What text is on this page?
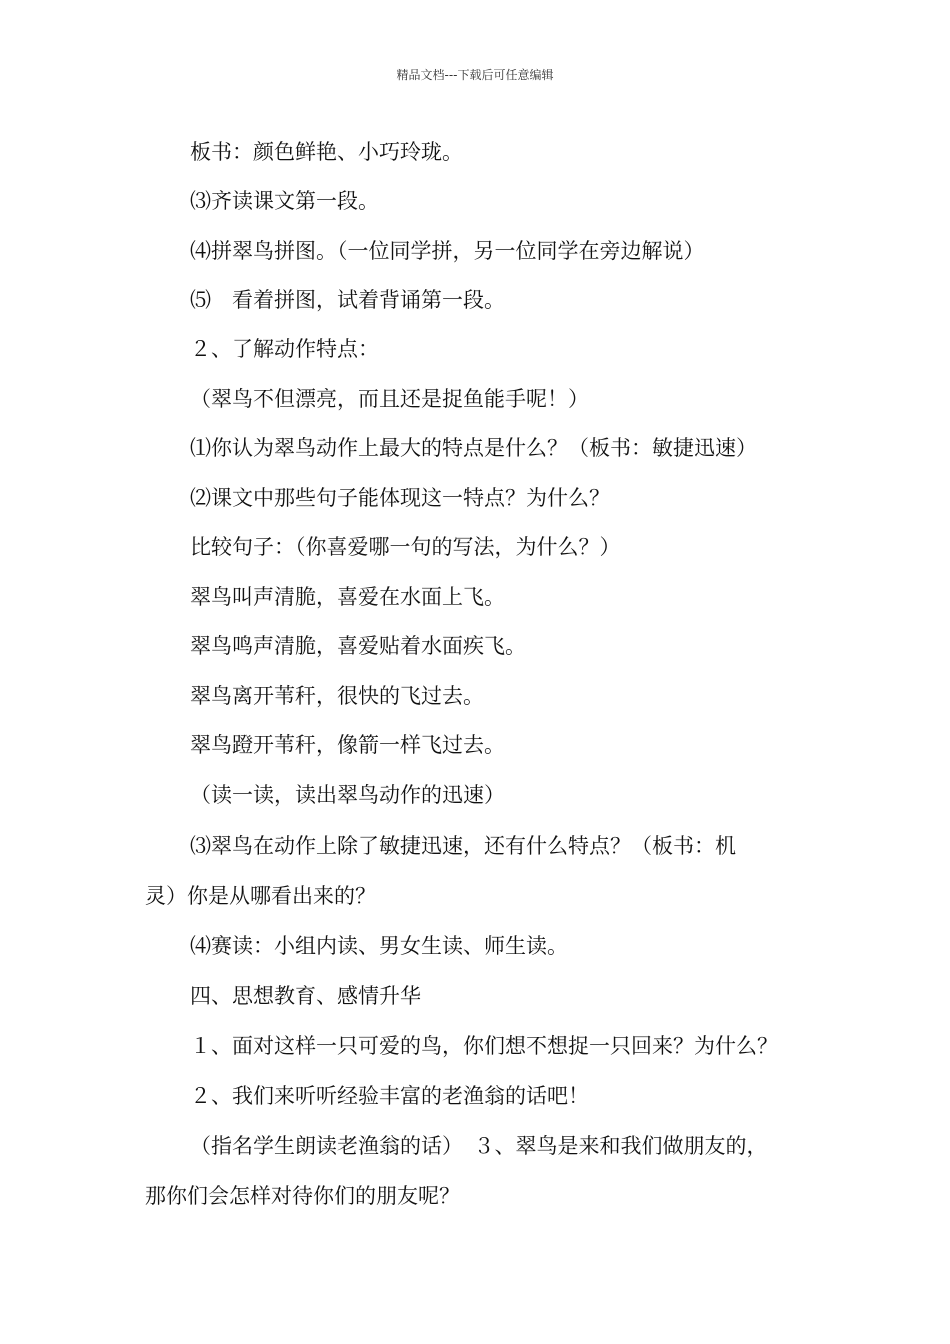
精品文档---下载后可任意编辑
板书：颜色鲜艳、小巧玲珑。
⑶齐读课文第一段。
⑷拼翠鸟拼图。（一位同学拼，另一位同学在旁边解说）
⑸　看着拼图，试着背诵第一段。
２、了解动作特点：
（翠鸟不但漂亮，而且还是捉鱼能手呢！）
⑴你认为翠鸟动作上最大的特点是什么？（板书：敏捷迅速）
⑵课文中那些句子能体现这一特点？为什么？
比较句子：（你喜爱哪一句的写法，为什么？）
翠鸟叫声清脆，喜爱在水面上飞。
翠鸟鸣声清脆，喜爱贴着水面疾飞。
翠鸟离开苇秆，很快的飞过去。
翠鸟蹬开苇秆，像箭一样飞过去。
（读一读，读出翠鸟动作的迅速）
⑶翠鸟在动作上除了敏捷迅速，还有什么特点？（板书：机
灵）你是从哪看出来的？
⑷赛读：小组内读、男女生读、师生读。
四、思想教育、感情升华
１、面对这样一只可爱的鸟，你们想不想捉一只回来？为什么？
２、我们来听听经验丰富的老渔翁的话吧！
（指名学生朗读老渔翁的话）　３、翠鸟是来和我们做朋友的，
那你们会怎样对待你们的朋友呢？
